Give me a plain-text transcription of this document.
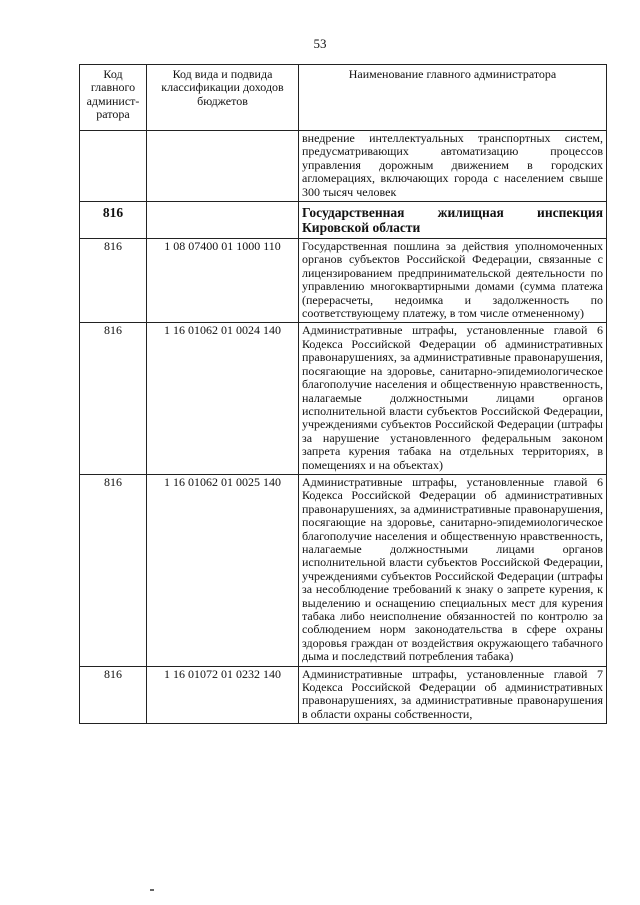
53
Код главного админист-ратора	Код вида и подвида классификации доходов бюджетов	Наименование главного администратора
		внедрение интеллектуальных транспортных систем, предусматривающих автоматизацию процессов управления дорожным движением в городских агломерациях, включающих города с населением свыше 300 тысяч человек
816		Государственная жилищная инспекция Кировской области
816	1 08 07400 01 1000 110	Государственная пошлина за действия уполномоченных органов субъектов Российской Федерации, связанные с лицензированием предпринимательской деятельности по управлению многоквартирными домами (сумма платежа (перерасчеты, недоимка и задолженность по соответствующему платежу, в том числе отмененному)
816	1 16 01062 01 0024 140	Административные штрафы, установленные главой 6 Кодекса Российской Федерации об административных правонарушениях, за административные правонарушения, посягающие на здоровье, санитарно-эпидемиологическое благополучие населения и общественную нравственность, налагаемые должностными лицами органов исполнительной власти субъектов Российской Федерации, учреждениями субъектов Российской Федерации (штрафы за нарушение установленного федеральным законом запрета курения табака на отдельных территориях, в помещениях и на объектах)
816	1 16 01062 01 0025 140	Административные штрафы, установленные главой 6 Кодекса Российской Федерации об административных правонарушениях, за административные правонарушения, посягающие на здоровье, санитарно-эпидемиологическое благополучие населения и общественную нравственность, налагаемые должностными лицами органов исполнительной власти субъектов Российской Федерации, учреждениями субъектов Российской Федерации (штрафы за несоблюдение требований к знаку о запрете курения, к выделению и оснащению специальных мест для курения табака либо неисполнение обязанностей по контролю за соблюдением норм законодательства в сфере охраны здоровья граждан от воздействия окружающего табачного дыма и последствий потребления табака)
816	1 16 01072 01 0232 140	Административные штрафы, установленные главой 7 Кодекса Российской Федерации об административных правонарушениях, за административные правонарушения в области охраны собственности,
